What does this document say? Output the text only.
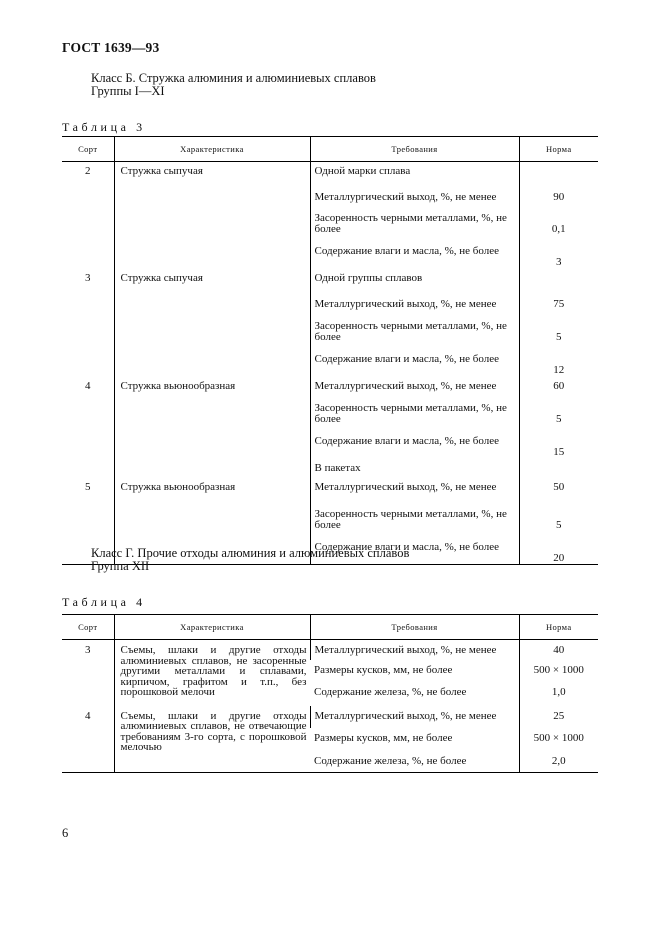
ГОСТ 1639—93
Класс Б. Стружка алюминия и алюминиевых сплавов
Группы I—XI
Таблица 3
Сорт	Характеристика	Требования	Норма
2	Стружка сыпучая	Одной марки сплава	
		Металлургический выход, %, не менее	90
		Засоренность черными металлами, %, не более	0,1
		Содержание влаги и масла, %, не более	3
3	Стружка сыпучая	Одной группы сплавов	
		Металлургический выход, %, не менее	75
		Засоренность черными металлами, %, не более	5
		Содержание влаги и масла, %, не более	12
4	Стружка вьюнообразная	Металлургический выход, %, не менее	60
		Засоренность черными металлами, %, не более	5
		Содержание влаги и масла, %, не более	15
		В пакетах	
5	Стружка вьюнообразная	Металлургический выход, %, не менее	50
		Засоренность черными металлами, %, не более	5
		Содержание влаги и масла, %, не более	20
Класс Г. Прочие отходы алюминия и алюминиевых сплавов
Группа XII
Таблица 4
Сорт	Характеристика	Требования	Норма
3	Съемы, шлаки и другие отходы алюминиевых сплавов, не засоренные другими металлами и сплавами, кирпичом, графитом и т.п., без порошковой мелочи	Металлургический выход, %, не менее	40
		Размеры кусков, мм, не более	500 × 1000
		Содержание железа, %, не более	1,0
4	Съемы, шлаки и другие отходы алюминиевых сплавов, не отвечающие требованиям 3-го сорта, с порошковой мелочью	Металлургический выход, %, не менее	25
		Размеры кусков, мм, не более	500 × 1000
		Содержание железа, %, не более	2,0
6
